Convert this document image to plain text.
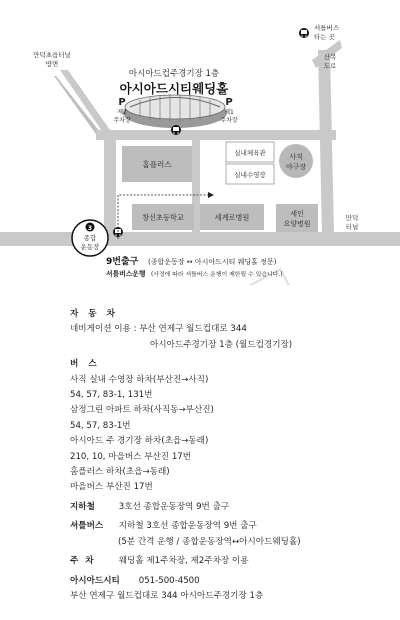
아시아드컵주경기장 1층
아시아드시티웨딩홀
만덕초읍터널
방면
셔틀버스
타는 곳
산복
도로
P
제2
주차장
P
제1
주차장
홈플러스
실내체육관
실내수영장
사직
야구장
창신초등학교	세계로병원	세인
요양병원
만덕
터널
3
종합
운동장
9번출구 (종합운동장 ↔ 아시아드시티 웨딩홀 정문)
셔틀버스운행 (사정에 따라 셔틀버스 운행이 제한될 수 있습니다.)
자동차
네비게이션 이용 : 부산 연제구 월드컵대로 344
아시아드주경기장 1층 (월드컵경기장)
버스
사직 실내 수영장 하차(부산진→사직)
54, 57, 83-1, 131번
삼정그린 아파트 하차(사직동→부산진)
54, 57, 83-1번
아시아드 주 경기장 하차(초읍→동래)
210, 10, 마을버스 부산진 17번
홈플러스 하차(초읍→동래)
마을버스 부산진 17번
지하철	3호선 종합운동장역 9번 출구
셔틀버스 지하철 3호선 종합운동장역 9번 출구
(5분 간격 운행 / 종합운동장역↔아시아드웨딩홀)
주차 웨딩홀 제1주차장, 제2주차장 이용
아시아드시티 051-500-4500
부산 연제구 월드컵대로 344 아시아드주경기장 1층
